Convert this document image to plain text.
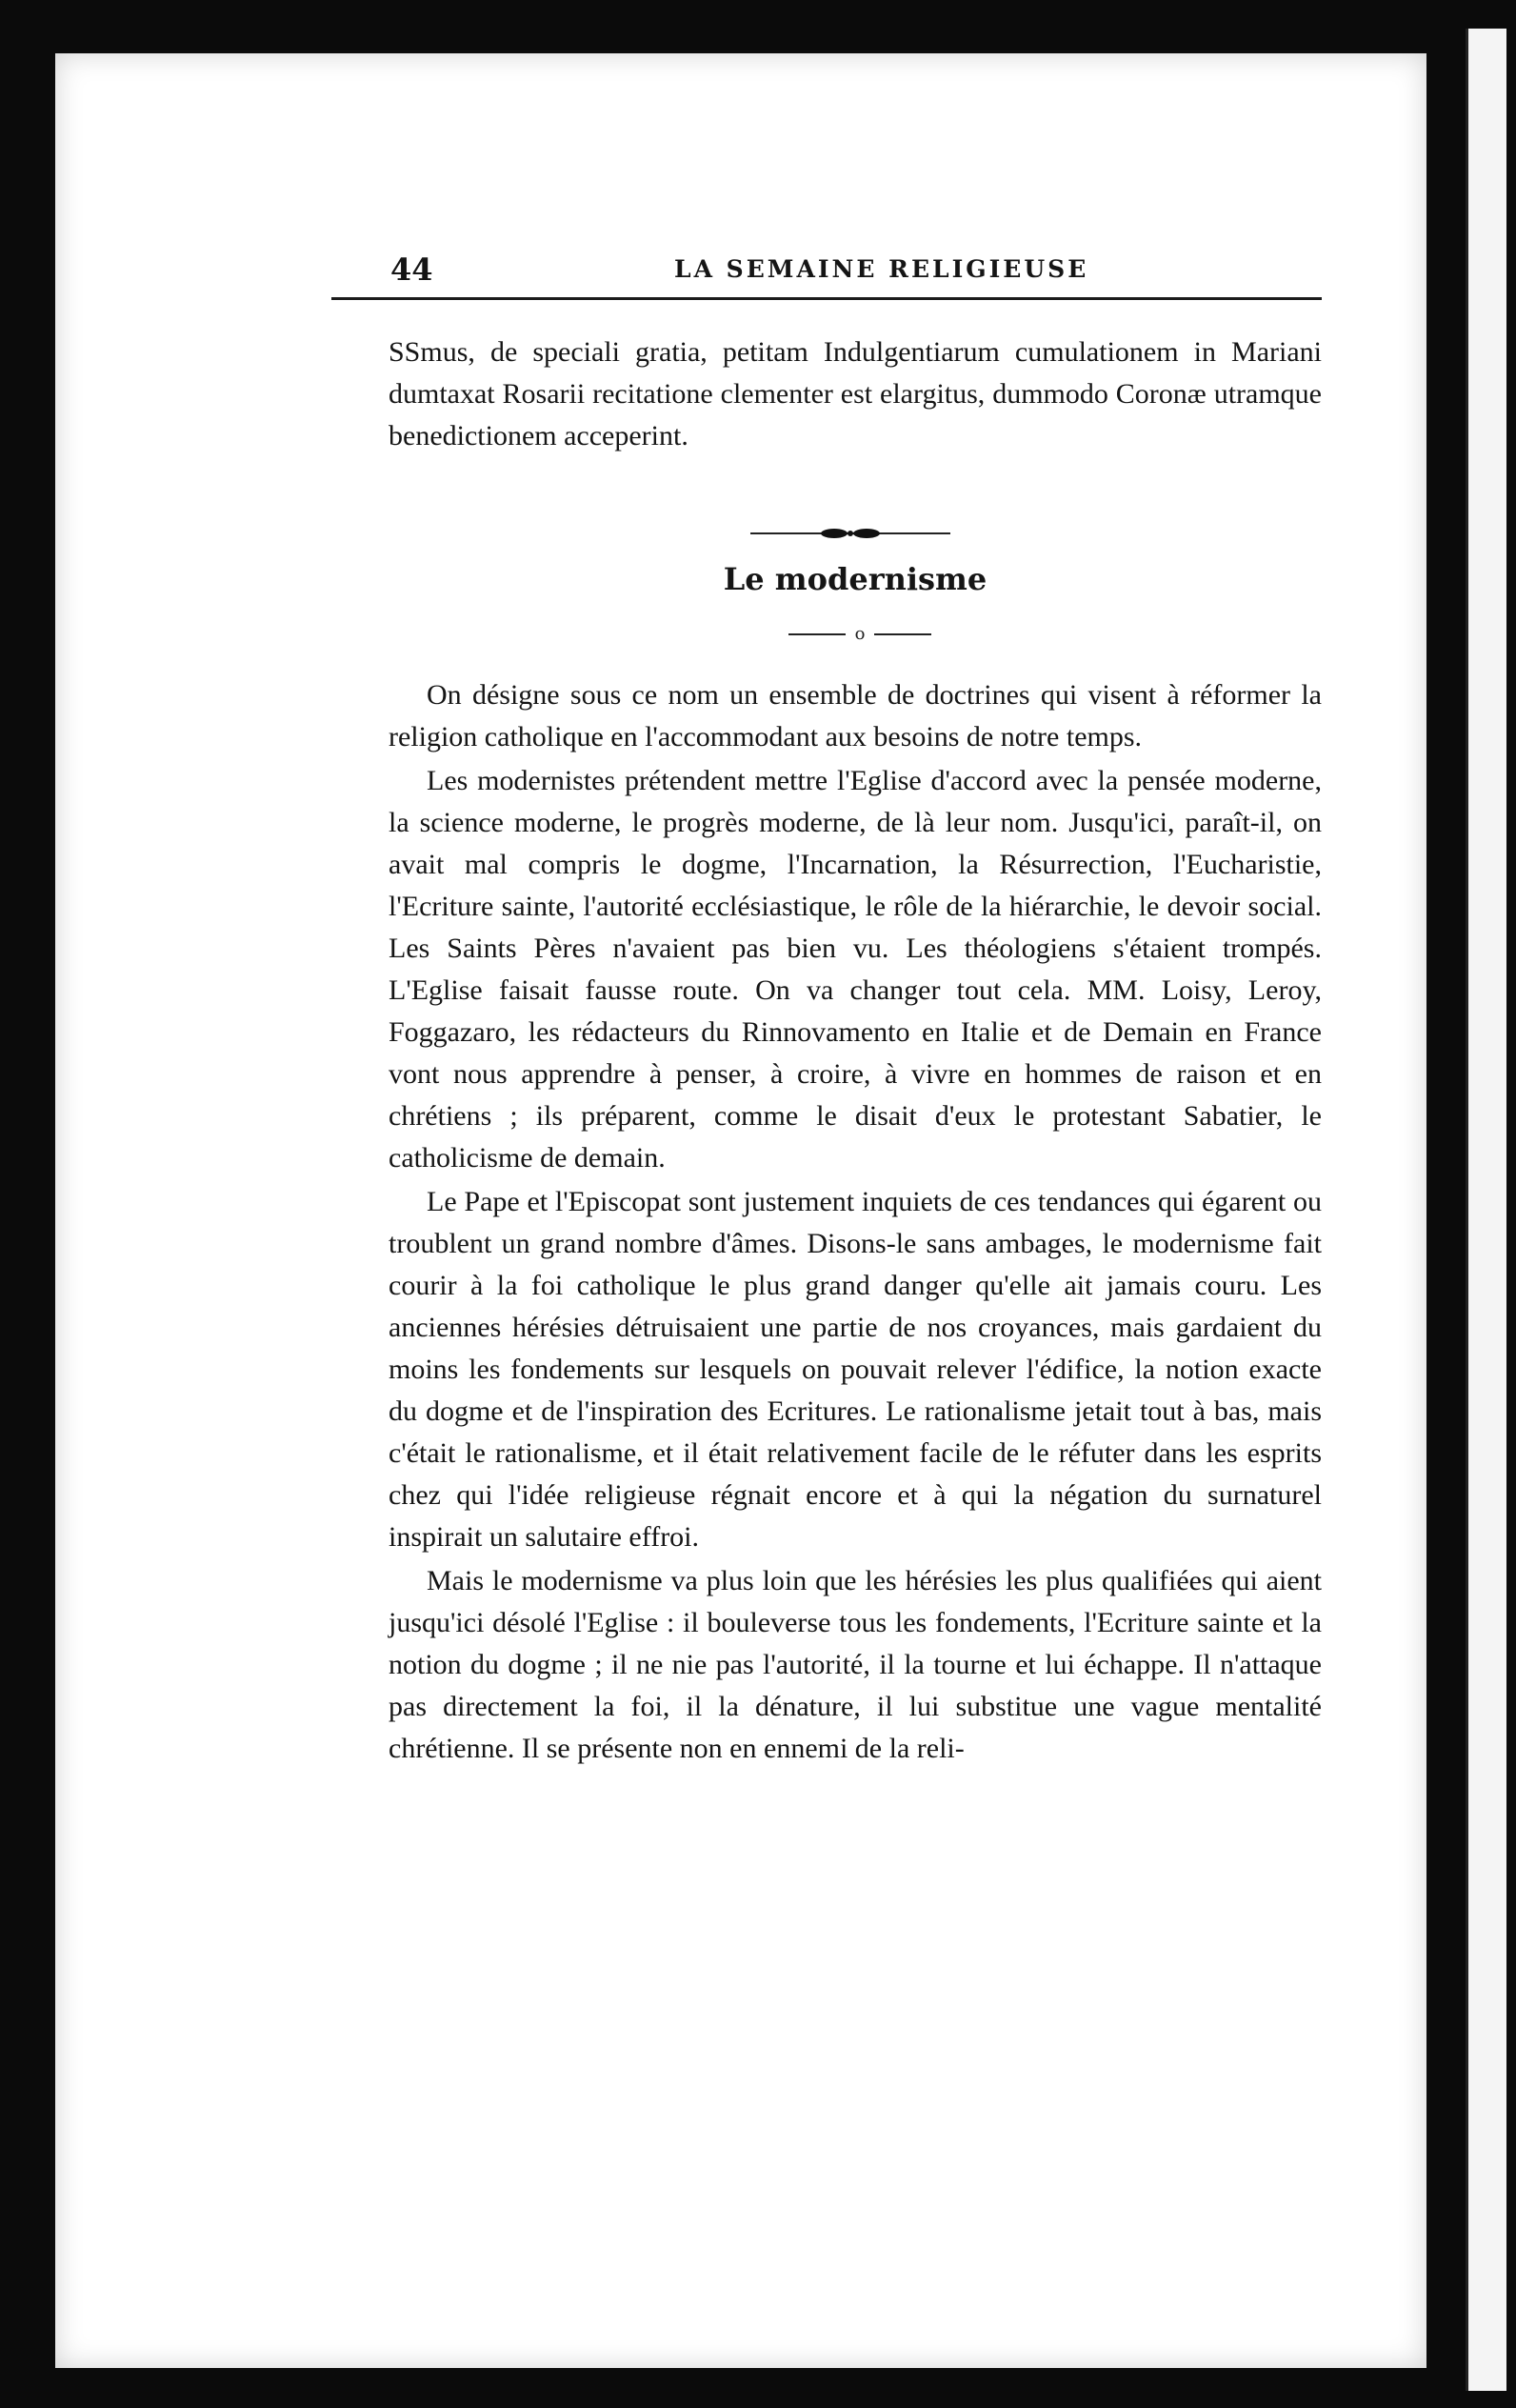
44	LA SEMAINE RELIGIEUSE
SSmus, de speciali gratia, petitam Indulgentiarum cumulationem in Mariani dumtaxat Rosarii recitatione clementer est elargitus, dummodo Coronæ utramque benedictionem acceperint.
Le modernisme
o

On désigne sous ce nom un ensemble de doctrines qui visent à réformer la religion catholique en l'accommodant aux besoins de notre temps.

Les modernistes prétendent mettre l'Eglise d'accord avec la pensée moderne, la science moderne, le progrès moderne, de là leur nom. Jusqu'ici, paraît-il, on avait mal compris le dogme, l'Incarnation, la Résurrection, l'Eucharistie, l'Ecriture sainte, l'autorité ecclésiastique, le rôle de la hiérarchie, le devoir social. Les Saints Pères n'avaient pas bien vu. Les théologiens s'étaient trompés. L'Eglise faisait fausse route. On va changer tout cela. MM. Loisy, Leroy, Foggazaro, les rédacteurs du Rinnovamento en Italie et de Demain en France vont nous apprendre à penser, à croire, à vivre en hommes de raison et en chrétiens ; ils préparent, comme le disait d'eux le protestant Sabatier, le catholicisme de demain.

Le Pape et l'Episcopat sont justement inquiets de ces tendances qui égarent ou troublent un grand nombre d'âmes. Disons-le sans ambages, le modernisme fait courir à la foi catholique le plus grand danger qu'elle ait jamais couru. Les anciennes hérésies détruisaient une partie de nos croyances, mais gardaient du moins les fondements sur lesquels on pouvait relever l'édifice, la notion exacte du dogme et de l'inspiration des Ecritures. Le rationalisme jetait tout à bas, mais c'était le rationalisme, et il était relativement facile de le réfuter dans les esprits chez qui l'idée religieuse régnait encore et à qui la négation du surnaturel inspirait un salutaire effroi.

Mais le modernisme va plus loin que les hérésies les plus qualifiées qui aient jusqu'ici désolé l'Eglise : il bouleverse tous les fondements, l'Ecriture sainte et la notion du dogme ; il ne nie pas l'autorité, il la tourne et lui échappe. Il n'attaque pas directement la foi, il la dénature, il lui substitue une vague mentalité chrétienne. Il se présente non en ennemi de la reli-
